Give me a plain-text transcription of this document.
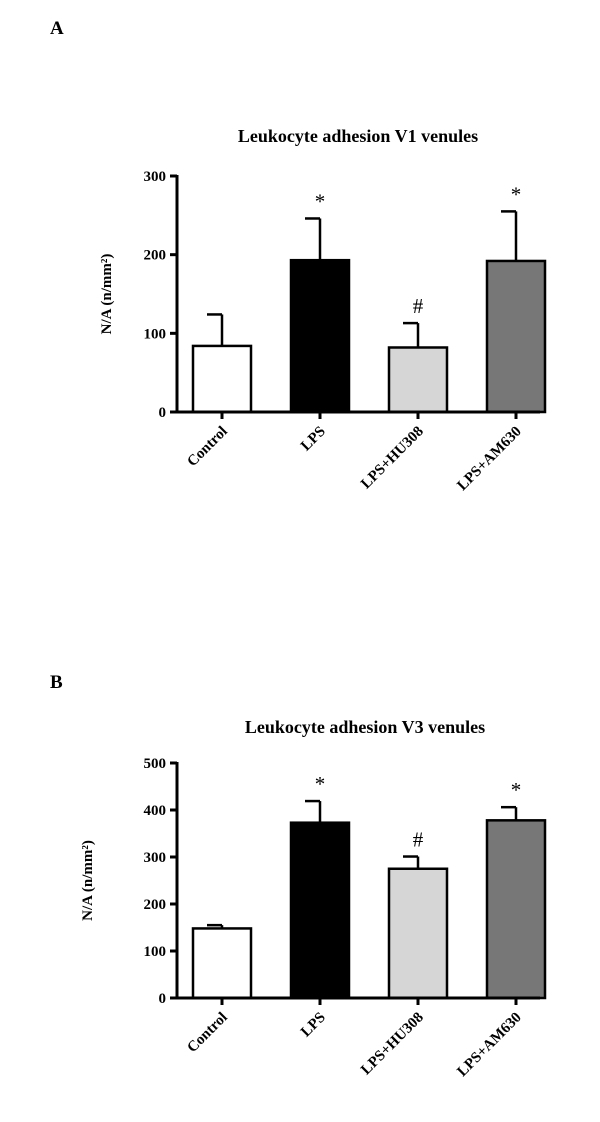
A
Leukocyte adhesion V1 venules
N/A (n/mm²)
Control
*
LPS
#
LPS+HU308
*
LPS+AM630
0
100
200
300
B
Leukocyte adhesion V3 venules
N/A (n/mm²)
Control
*
LPS
#
LPS+HU308
*
LPS+AM630
0
100
200
300
400
500
